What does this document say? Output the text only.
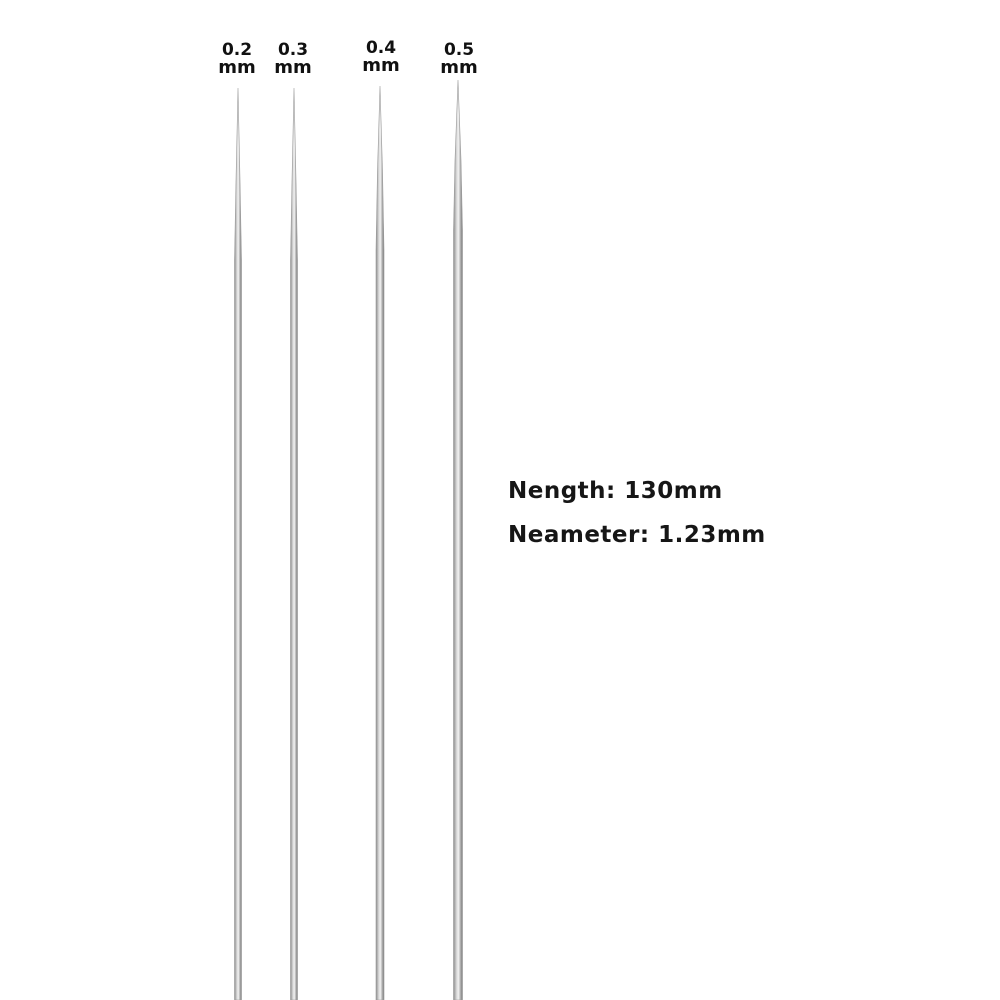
0.2
mm
0.3
mm
0.4
mm
0.5
mm
Nength: 130mm
Neameter: 1.23mm
